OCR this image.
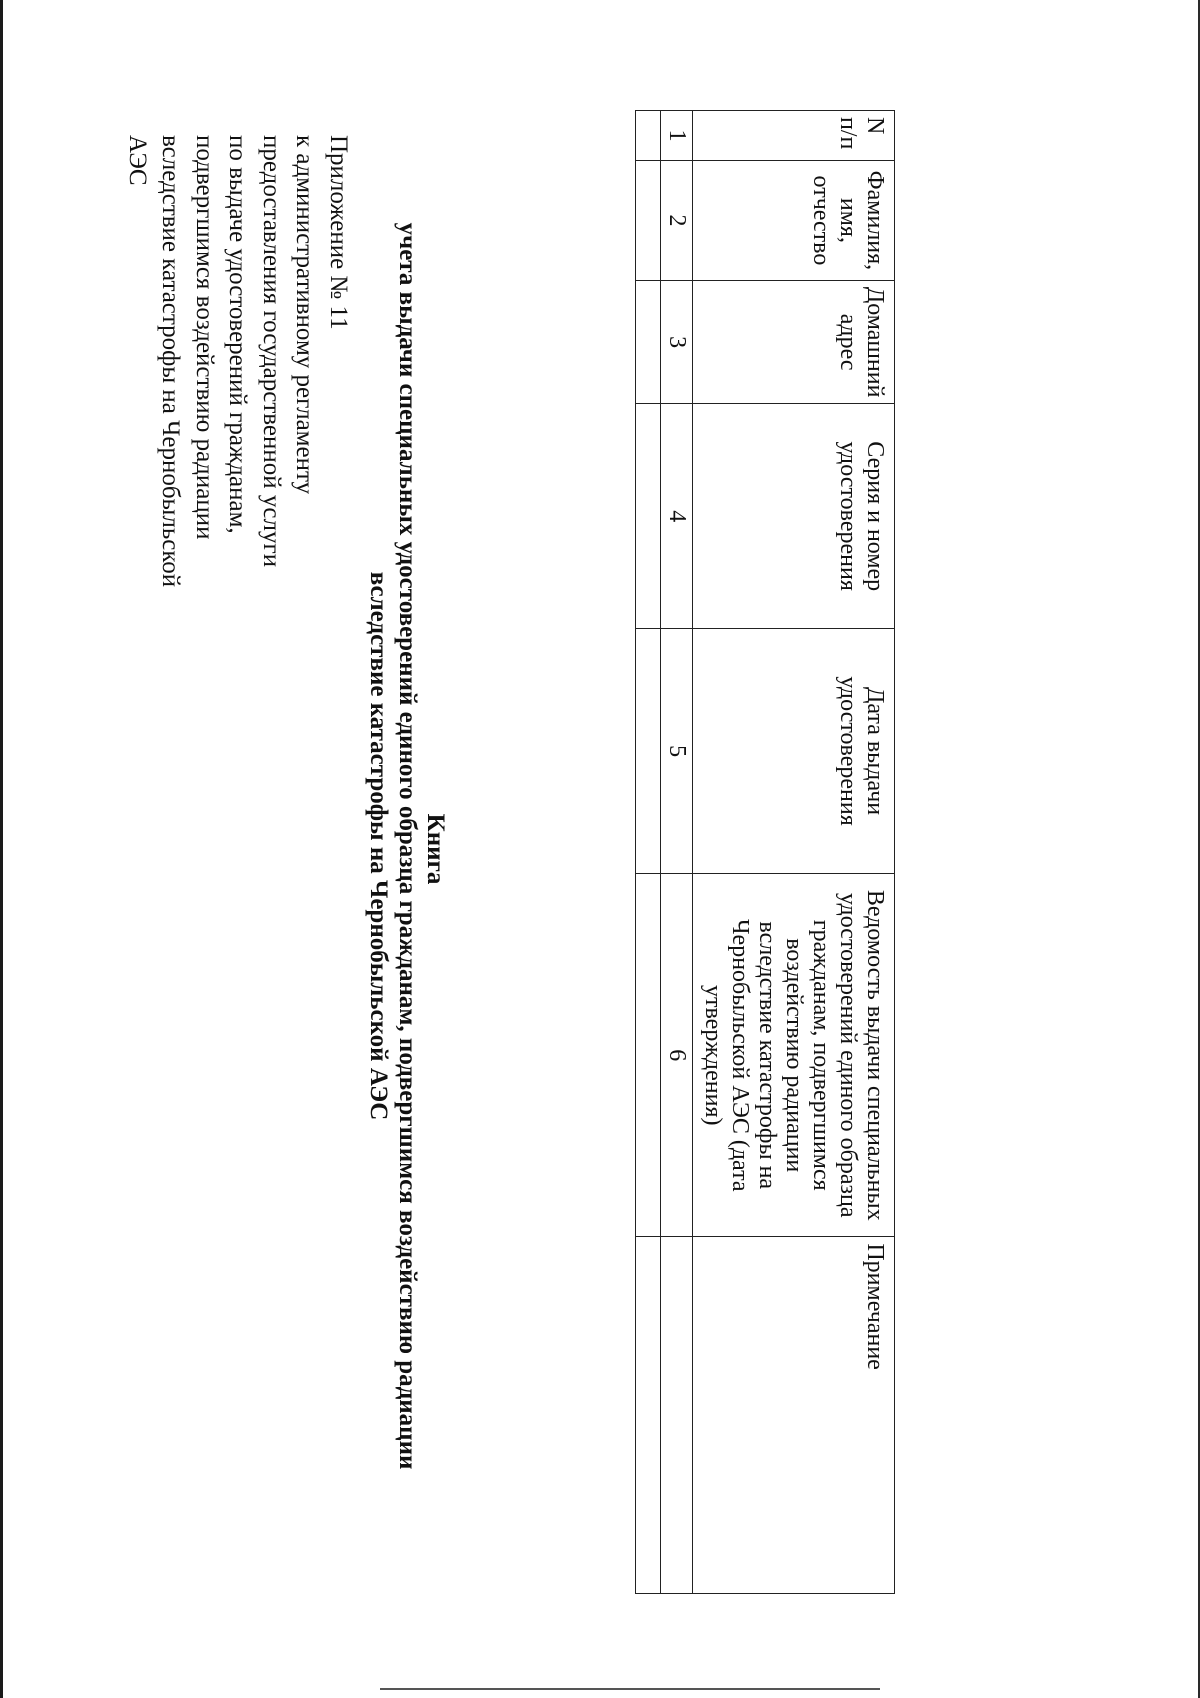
Приложение № 11
к административному регламенту
предоставления государственной услуги
по выдаче удостоверений гражданам,
подвергшимся воздействию радиации
вследствие катастрофы на Чернобыльской
АЭС
Книга
учета выдачи специальных удостоверений единого образца гражданам, подвергшимся воздействию радиации
вследствие катастрофы на Чернобыльской АЭС
N п/п	Фамилия, имя, отчество	Домашний адрес	Серия и номер удостоверения	Дата выдачи удостоверения	Ведомость выдачи специальных удостоверений единого образца гражданам, подвергшимся воздействию радиации вследствие катастрофы на Чернобыльской АЭС (дата утверждения)	Примечание
1	2	3	4	5	6	
